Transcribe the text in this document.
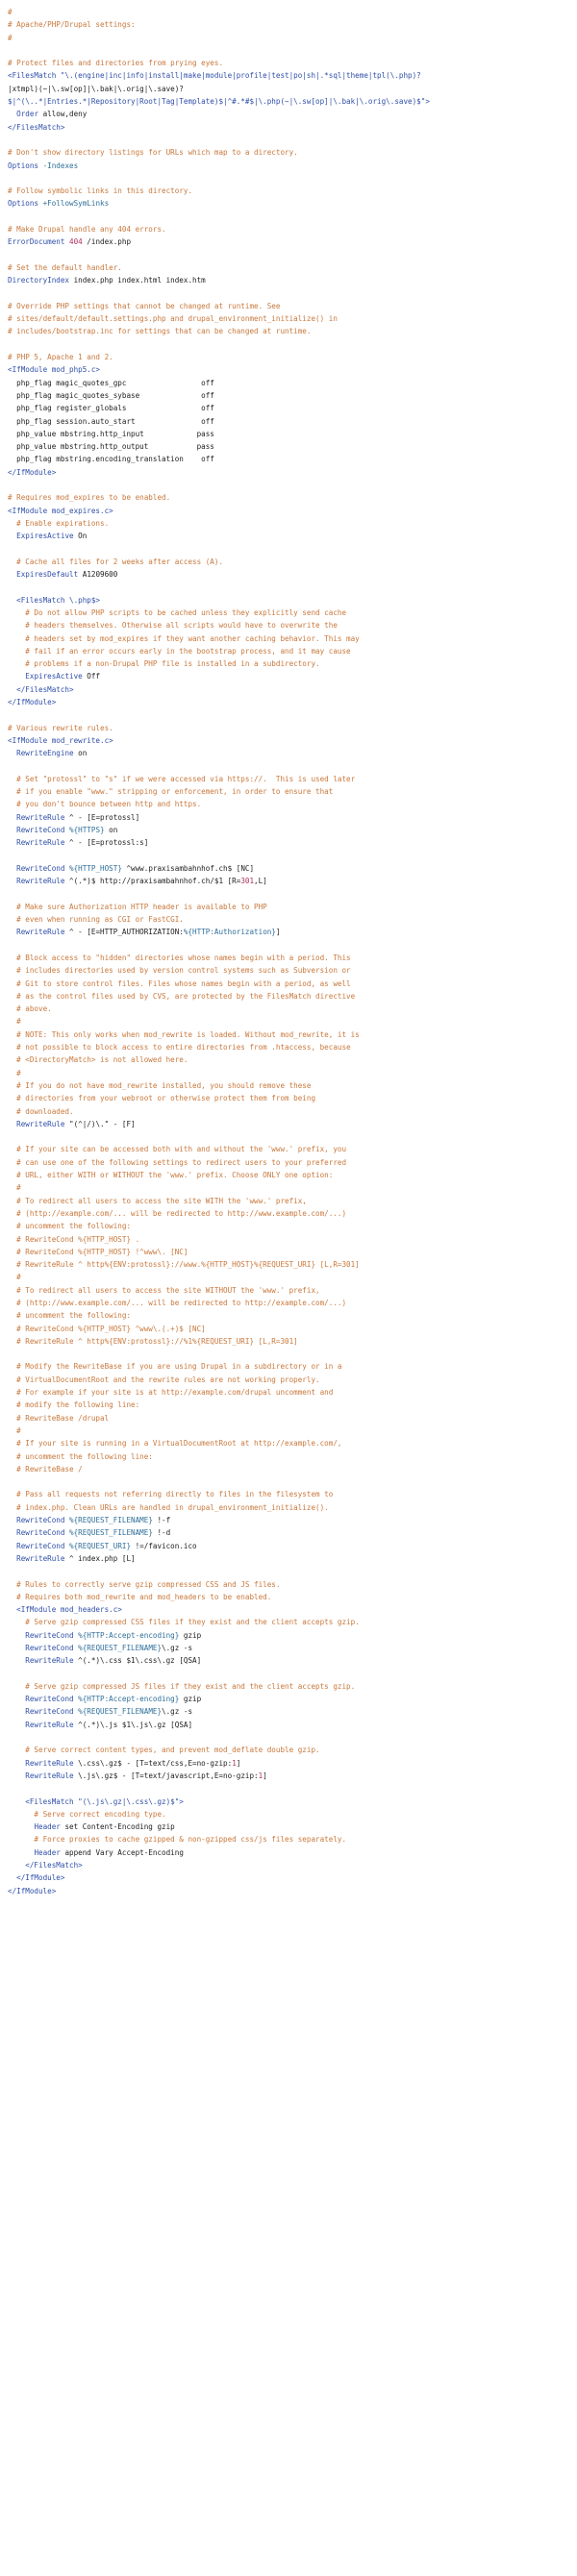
#
# Apache/PHP/Drupal settings:
#
# Protect files and directories from prying eyes.
<FilesMatch "\.(engine|inc|info|install|make|module|profile|test|po|sh|.*sql|theme|tpl(\.php)?
|xtmpl)(~|\.sw[op]|\.bak|\.orig|\.save)?
$|^(\..*|Entries.*|Repository|Root|Tag|Template)$|^#.*#$|\.php(~|\.sw[op]|\.bak|\.orig\.save)$">
Order allow,deny
</FilesMatch>
# Don't show directory listings for URLs which map to a directory.
Options -Indexes
# Follow symbolic links in this directory.
Options +FollowSymLinks
# Make Drupal handle any 404 errors.
ErrorDocument 404 /index.php
# Set the default handler.
DirectoryIndex index.php index.html index.htm
# Override PHP settings that cannot be changed at runtime. See
# sites/default/default.settings.php and drupal_environment_initialize() in
# includes/bootstrap.inc for settings that can be changed at runtime.
# PHP 5, Apache 1 and 2.
<IfModule mod_php5.c>
php_flag magic_quotes_gpc                 off
php_flag magic_quotes_sybase              off
php_flag register_globals                 off
php_flag session.auto_start               off
php_value mbstring.http_input            pass
php_value mbstring.http_output           pass
php_flag mbstring.encoding_translation    off
</IfModule>
# Requires mod_expires to be enabled.
<IfModule mod_expires.c>
# Enable expirations.
ExpiresActive On
# Cache all files for 2 weeks after access (A).
ExpiresDefault A1209600
<FilesMatch \.php$>
# Do not allow PHP scripts to be cached unless they explicitly send cache
# headers themselves. Otherwise all scripts would have to overwrite the
# headers set by mod_expires if they want another caching behavior. This may
# fail if an error occurs early in the bootstrap process, and it may cause
# problems if a non-Drupal PHP file is installed in a subdirectory.
ExpiresActive Off
</FilesMatch>
</IfModule>
# Various rewrite rules.
<IfModule mod_rewrite.c>
RewriteEngine on
# Set "protossl" to "s" if we were accessed via https://.  This is used later
# if you enable "www." stripping or enforcement, in order to ensure that
# you don't bounce between http and https.
RewriteRule ^ - [E=protossl]
RewriteCond %{HTTPS} on
RewriteRule ^ - [E=protossl:s]
RewriteCond %{HTTP_HOST} ^www.praxisambahnhof.ch$ [NC]
RewriteRule ^(.*)$ http://praxisambahnhof.ch/$1 [R=301,L]
# Make sure Authorization HTTP header is available to PHP
# even when running as CGI or FastCGI.
RewriteRule ^ - [E=HTTP_AUTHORIZATION:%{HTTP:Authorization}]
# Block access to "hidden" directories whose names begin with a period. This
# includes directories used by version control systems such as Subversion or
# Git to store control files. Files whose names begin with a period, as well
# as the control files used by CVS, are protected by the FilesMatch directive
# above.
#
# NOTE: This only works when mod_rewrite is loaded. Without mod_rewrite, it is
# not possible to block access to entire directories from .htaccess, because
# <DirectoryMatch> is not allowed here.
#
# If you do not have mod_rewrite installed, you should remove these
# directories from your webroot or otherwise protect them from being
# downloaded.
RewriteRule "(^|/)\." - [F]
# If your site can be accessed both with and without the 'www.' prefix, you
# can use one of the following settings to redirect users to your preferred
# URL, either WITH or WITHOUT the 'www.' prefix. Choose ONLY one option:
#
# To redirect all users to access the site WITH the 'www.' prefix,
# (http://example.com/... will be redirected to http://www.example.com/...)
# uncomment the following:
# RewriteCond %{HTTP_HOST} .
# RewriteCond %{HTTP_HOST} !^www\. [NC]
# RewriteRule ^ http%{ENV:protossl}://www.%{HTTP_HOST}%{REQUEST_URI} [L,R=301]
#
# To redirect all users to access the site WITHOUT the 'www.' prefix,
# (http://www.example.com/... will be redirected to http://example.com/...)
# uncomment the following:
# RewriteCond %{HTTP_HOST} ^www\.(.+)$ [NC]
# RewriteRule ^ http%{ENV:protossl}://%1%{REQUEST_URI} [L,R=301]
# Modify the RewriteBase if you are using Drupal in a subdirectory or in a
# VirtualDocumentRoot and the rewrite rules are not working properly.
# For example if your site is at http://example.com/drupal uncomment and
# modify the following line:
# RewriteBase /drupal
#
# If your site is running in a VirtualDocumentRoot at http://example.com/,
# uncomment the following line:
# RewriteBase /
# Pass all requests not referring directly to files in the filesystem to
# index.php. Clean URLs are handled in drupal_environment_initialize().
RewriteCond %{REQUEST_FILENAME} !-f
RewriteCond %{REQUEST_FILENAME} !-d
RewriteCond %{REQUEST_URI} !=/favicon.ico
RewriteRule ^ index.php [L]
# Rules to correctly serve gzip compressed CSS and JS files.
# Requires both mod_rewrite and mod_headers to be enabled.
<IfModule mod_headers.c>
# Serve gzip compressed CSS files if they exist and the client accepts gzip.
RewriteCond %{HTTP:Accept-encoding} gzip
RewriteCond %{REQUEST_FILENAME}\.gz -s
RewriteRule ^(.*)\.css $1\.css\.gz [QSA]
# Serve gzip compressed JS files if they exist and the client accepts gzip.
RewriteCond %{HTTP:Accept-encoding} gzip
RewriteCond %{REQUEST_FILENAME}\.gz -s
RewriteRule ^(.*)\.js $1\.js\.gz [QSA]
# Serve correct content types, and prevent mod_deflate double gzip.
RewriteRule \.css\.gz$ - [T=text/css,E=no-gzip:1]
RewriteRule \.js\.gz$ - [T=text/javascript,E=no-gzip:1]
<FilesMatch "(\.js\.gz|\.css\.gz)$">
# Serve correct encoding type.
Header set Content-Encoding gzip
# Force proxies to cache gzipped & non-gzipped css/js files separately.
Header append Vary Accept-Encoding
</FilesMatch>
</IfModule>
</IfModule>
